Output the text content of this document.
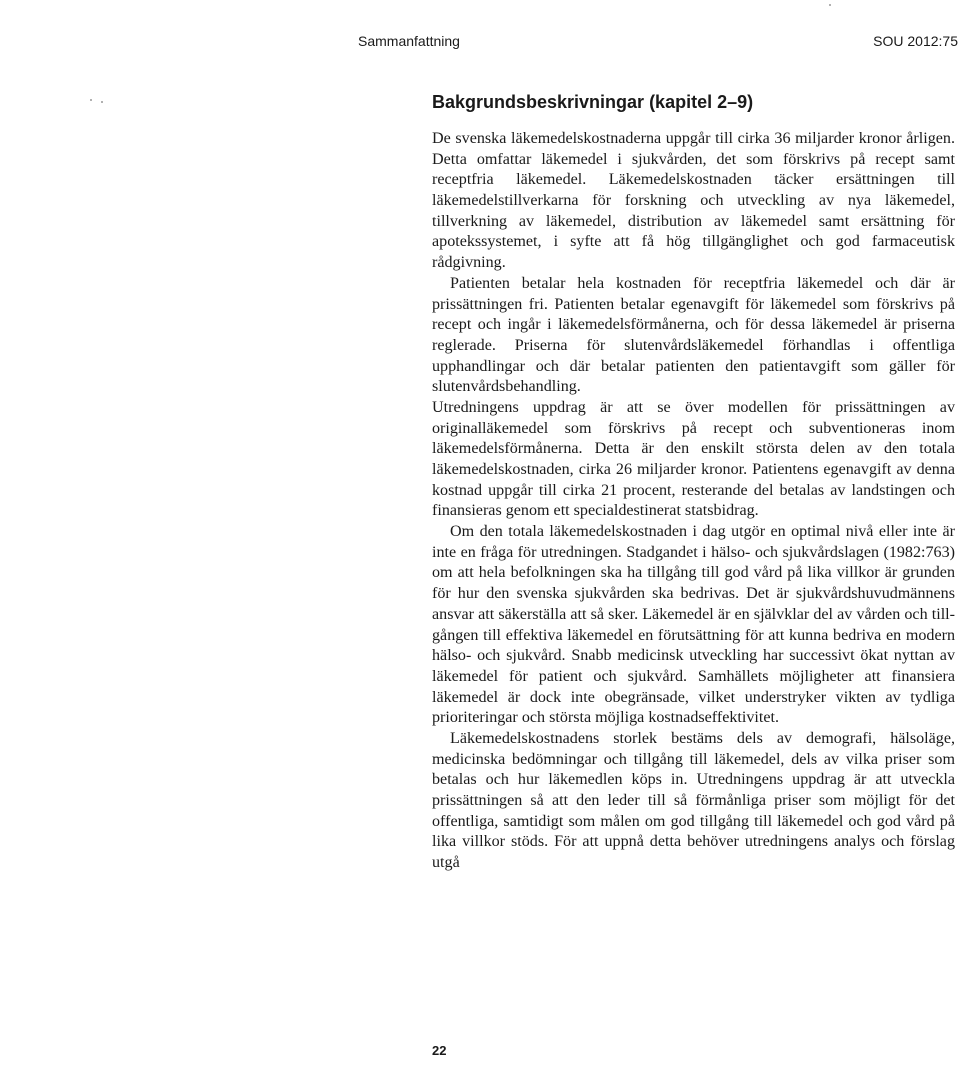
Sammanfattning	SOU 2012:75
Bakgrundsbeskrivningar (kapitel 2–9)

De svenska läkemedelskostnaderna uppgår till cirka 36 miljarder kronor årligen. Detta omfattar läkemedel i sjukvården, det som förskrivs på recept samt receptfria läkemedel. Läkemedelskostnaden täcker ersättningen till läkemedelstillverkarna för forskning och utveckling av nya läkemedel, tillverkning av läkemedel, distribution av läkemedel samt ersättning för apotekssystemet, i syfte att få hög tillgänglighet och god farmaceutisk rådgivning.

Patienten betalar hela kostnaden för receptfria läkemedel och där är prissättningen fri. Patienten betalar egenavgift för läkemedel som förskrivs på recept och ingår i läkemedelsförmånerna, och för dessa läkemedel är priserna reglerade. Priserna för slutenvårdsläkemedel förhandlas i offentliga upphandlingar och där betalar patienten den patientavgift som gäller för slutenvårdsbehandling.

Utredningens uppdrag är att se över modellen för prissättningen av originalläkemedel som förskrivs på recept och subventioneras inom läkemedelsförmånerna. Detta är den enskilt största delen av den totala läkemedelskostnaden, cirka 26 miljarder kronor. Patientens egenavgift av denna kostnad uppgår till cirka 21 procent, resterande del betalas av landstingen och finansieras genom ett specialdestinerat statsbidrag.

Om den totala läkemedelskostnaden i dag utgör en optimal nivå eller inte är inte en fråga för utredningen. Stadgandet i hälso- och sjukvårdslagen (1982:763) om att hela befolkningen ska ha tillgång till god vård på lika villkor är grunden för hur den svenska sjukvården ska bedrivas. Det är sjukvårdshuvudmännens ansvar att säkerställa att så sker. Läkemedel är en självklar del av vården och tillgången till effektiva läkemedel en förutsättning för att kunna bedriva en modern hälso- och sjukvård. Snabb medicinsk utveckling har successivt ökat nyttan av läkemedel för patient och sjukvård. Samhällets möjligheter att finansiera läkemedel är dock inte obegränsade, vilket understryker vikten av tydliga prioriteringar och största möjliga kostnadseffektivitet.

Läkemedelskostnadens storlek bestäms dels av demografi, hälsoläge, medicinska bedömningar och tillgång till läkemedel, dels av vilka priser som betalas och hur läkemedlen köps in. Utredningens uppdrag är att utveckla prissättningen så att den leder till så förmånliga priser som möjligt för det offentliga, samtidigt som målen om god tillgång till läkemedel och god vård på lika villkor stöds. För att uppnå detta behöver utredningens analys och förslag utgå

22
